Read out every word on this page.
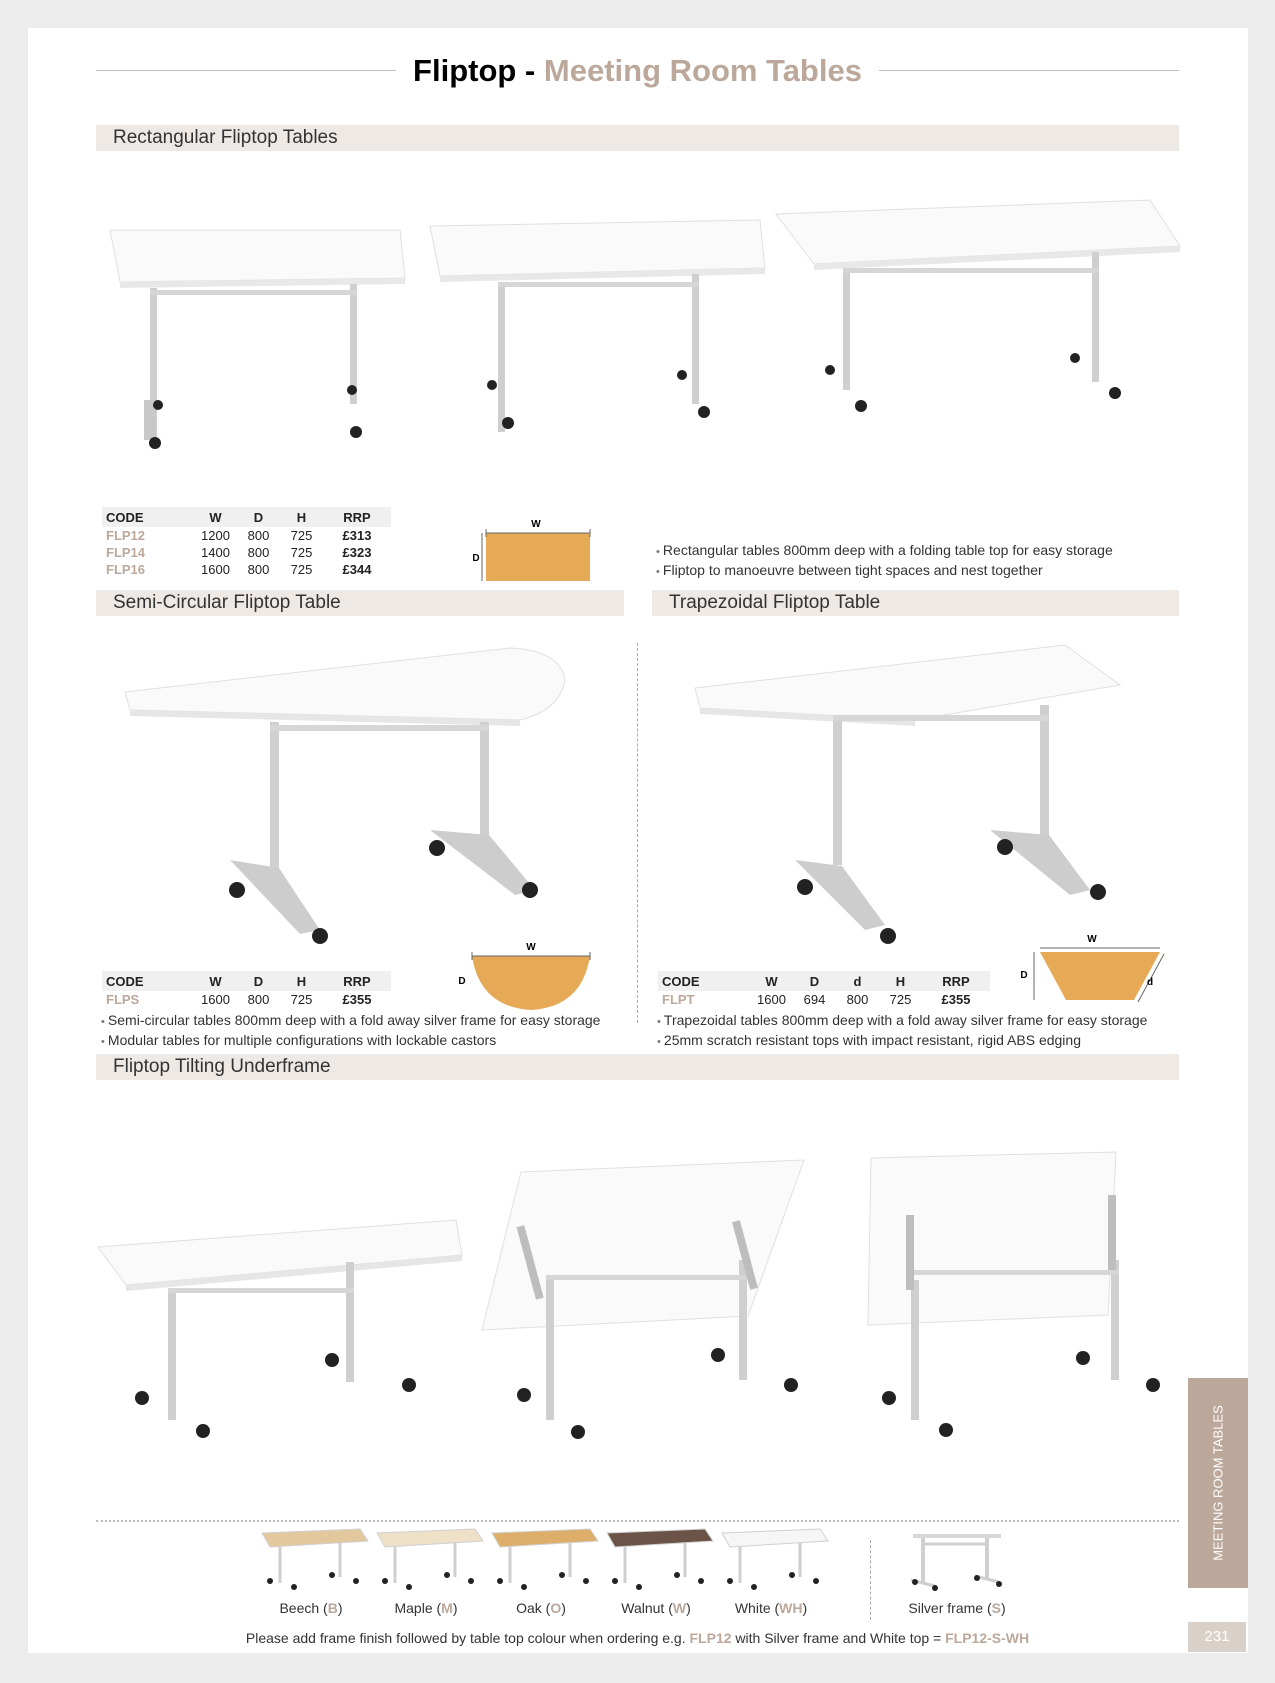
Fliptop - Meeting Room Tables
Rectangular Fliptop Tables
CODE	W	D	H	RRP
FLP12	1200	800	725	£313
FLP14	1400	800	725	£323
FLP16	1600	800	725	£344
W
D
• Rectangular tables 800mm deep with a folding table top for easy storage
• Fliptop to manoeuvre between tight spaces and nest together
Semi-Circular Fliptop Table	Trapezoidal Fliptop Table
CODE	W	D	H	RRP
FLPS	1600	800	725	£355
W
D
• Semi-circular tables 800mm deep with a fold away silver frame for easy storage
• Modular tables for multiple configurations with lockable castors
CODE	W	D	d	H	RRP
FLPT	1600	694	800	725	£355
W
D
d
• Trapezoidal tables 800mm deep with a fold away silver frame for easy storage
• 25mm scratch resistant tops with impact resistant, rigid ABS edging
Fliptop Tilting Underframe
Beech (B)	Maple (M)	Oak (O)	Walnut (W)	White (WH)	Silver frame (S)
Please add frame finish followed by table top colour when ordering e.g. FLP12 with Silver frame and White top = FLP12-S-WH
MEETING ROOM TABLES
231
